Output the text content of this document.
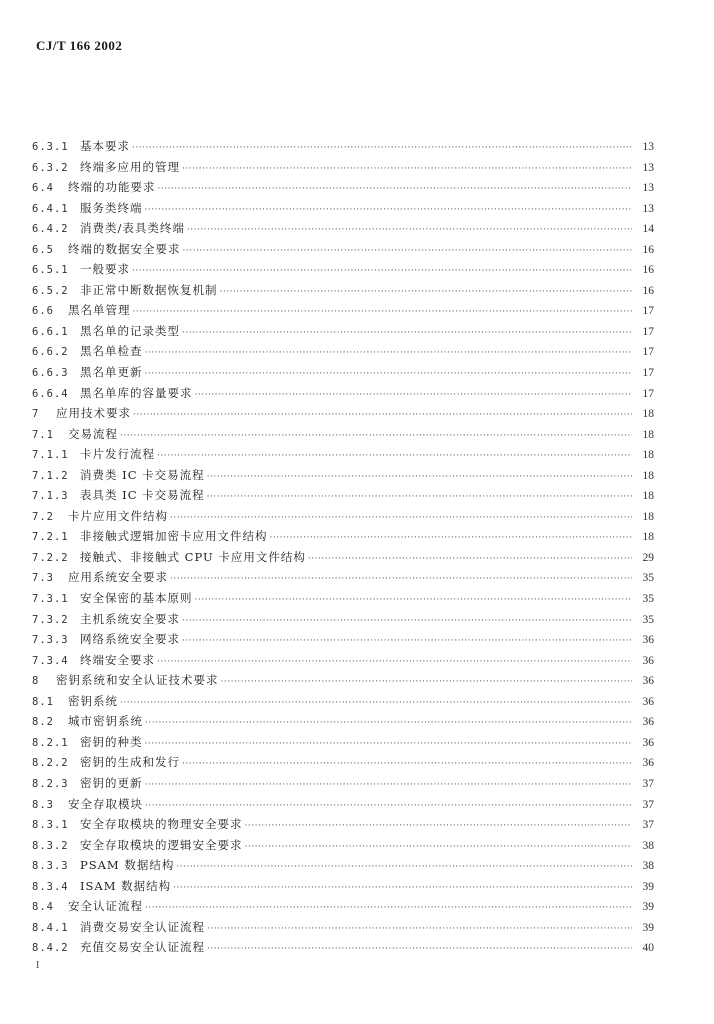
CJ/T 166 2002
6.3.1 基本要求 ·····	13
6.3.2 终端多应用的管理 ·····	13
6.4	终端的功能要求 ·····	13
6.4.1 服务类终端 ·····	13
6.4.2 消费类/表具类终端 ·····	14
6.5	终端的数据安全要求 ·····	16
6.5.1 一般要求 ·····	16
6.5.2 非正常中断数据恢复机制 ·····	16
6.6	黑名单管理 ·····	17
6.6.1 黑名单的记录类型 ·····	17
6.6.2 黑名单检查 ·····	17
6.6.3 黑名单更新 ·····	17
6.6.4 黑名单库的容量要求 ·····	17
7	应用技术要求 ·····	18
7.1	交易流程 ·····	18
7.1.1 卡片发行流程 ·····	18
7.1.2 消费类 IC 卡交易流程 ·····	18
7.1.3 表具类 IC 卡交易流程 ·····	18
7.2	卡片应用文件结构 ·····	18
7.2.1 非接触式逻辑加密卡应用文件结构 ·····	18
7.2.2 接触式、非接触式 CPU 卡应用文件结构 ·····	29
7.3	应用系统安全要求 ·····	35
7.3.1 安全保密的基本原则 ·····	35
7.3.2 主机系统安全要求 ·····	35
7.3.3 网络系统安全要求 ·····	36
7.3.4 终端安全要求 ·····	36
8	密钥系统和安全认证技术要求 ·····	36
8.1	密钥系统 ·····	36
8.2	城市密钥系统 ·····	36
8.2.1 密钥的种类 ·····	36
8.2.2 密钥的生成和发行 ·····	36
8.2.3 密钥的更新 ·····	37
8.3	安全存取模块 ·····	37
8.3.1 安全存取模块的物理安全要求 ·····	37
8.3.2 安全存取模块的逻辑安全要求 ·····	38
8.3.3 PSAM 数据结构 ·····	38
8.3.4 ISAM 数据结构 ·····	39
8.4	安全认证流程 ·····	39
8.4.1 消费交易安全认证流程 ·····	39
8.4.2 充值交易安全认证流程 ·····	40
I
